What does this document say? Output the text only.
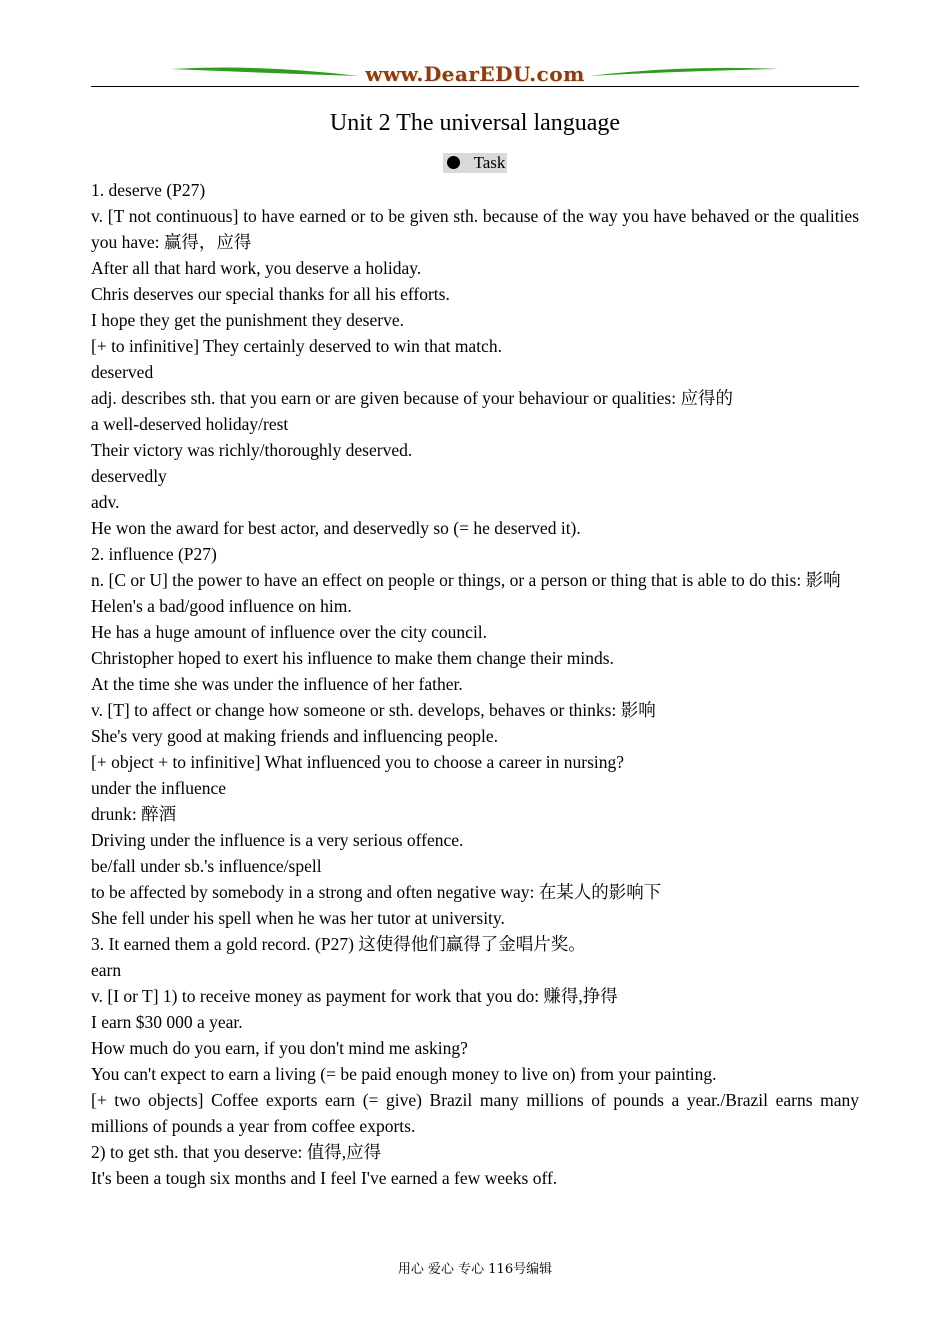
www.DearEDU.com
Unit 2 The universal language
Task

1. deserve (P27)

v. [T not continuous] to have earned or to be given sth. because of the way you have behaved or the qualities you have: 赢得，应得

After all that hard work, you deserve a holiday.

Chris deserves our special thanks for all his efforts.

I hope they get the punishment they deserve.

[+ to infinitive] They certainly deserved to win that match.

deserved

adj. describes sth. that you earn or are given because of your behaviour or qualities: 应得的

a well-deserved holiday/rest

Their victory was richly/thoroughly deserved.

deservedly

adv.

He won the award for best actor, and deservedly so (= he deserved it).

2. influence (P27)

n. [C or U] the power to have an effect on people or things, or a person or thing that is able to do this: 影响

Helen's a bad/good influence on him.

He has a huge amount of influence over the city council.

Christopher hoped to exert his influence to make them change their minds.

At the time she was under the influence of her father.

v. [T] to affect or change how someone or sth. develops, behaves or thinks: 影响

She's very good at making friends and influencing people.

[+ object + to infinitive] What influenced you to choose a career in nursing?

under the influence

drunk: 醉酒

Driving under the influence is a very serious offence.

be/fall under sb.'s influence/spell

to be affected by somebody in a strong and often negative way: 在某人的影响下

She fell under his spell when he was her tutor at university.

3. It earned them a gold record. (P27) 这使得他们赢得了金唱片奖。

earn

v. [I or T] 1) to receive money as payment for work that you do: 赚得,挣得

I earn $30 000 a year.

How much do you earn, if you don't mind me asking?

You can't expect to earn a living (= be paid enough money to live on) from your painting.

[+ two objects] Coffee exports earn (= give) Brazil many millions of pounds a year./Brazil earns many millions of pounds a year from coffee exports.

2) to get sth. that you deserve: 值得,应得

It's been a tough six months and I feel I've earned a few weeks off.

用心 爱心 专心 116号编辑
